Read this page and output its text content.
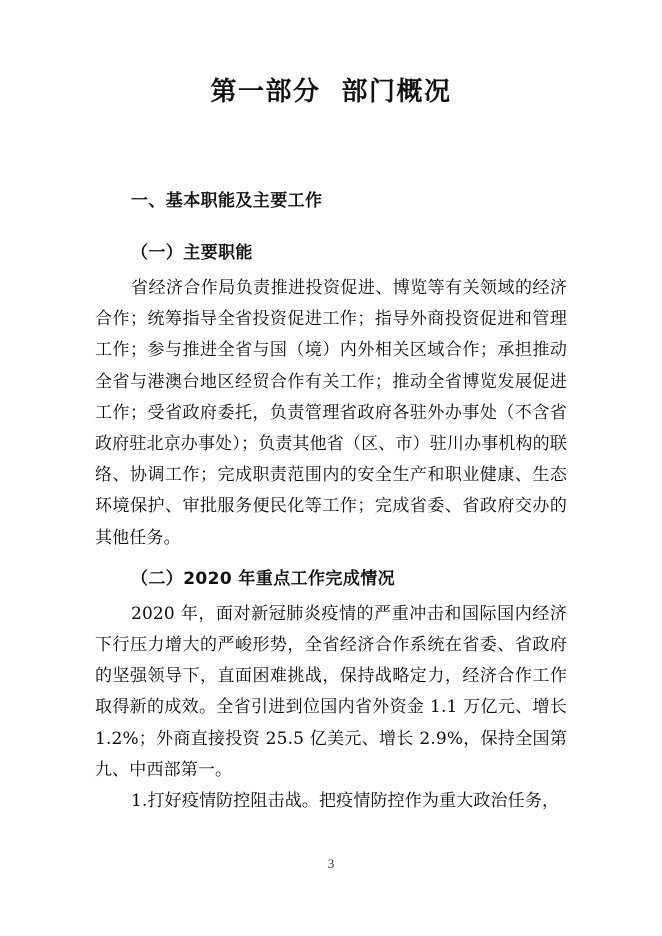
第一部分  部门概况
一、基本职能及主要工作
（一）主要职能

省经济合作局负责推进投资促进、博览等有关领域的经济合作；统筹指导全省投资促进工作；指导外商投资促进和管理工作；参与推进全省与国（境）内外相关区域合作；承担推动全省与港澳台地区经贸合作有关工作；推动全省博览发展促进工作；受省政府委托，负责管理省政府各驻外办事处（不含省政府驻北京办事处）；负责其他省（区、市）驻川办事机构的联络、协调工作；完成职责范围内的安全生产和职业健康、生态环境保护、审批服务便民化等工作；完成省委、省政府交办的其他任务。

（二）2020 年重点工作完成情况

2020 年，面对新冠肺炎疫情的严重冲击和国际国内经济下行压力增大的严峻形势，全省经济合作系统在省委、省政府的坚强领导下，直面困难挑战，保持战略定力，经济合作工作取得新的成效。全省引进到位国内省外资金 1.1 万亿元、增长 1.2%；外商直接投资 25.5 亿美元、增长 2.9%，保持全国第九、中西部第一。

1.打好疫情防控阻击战。把疫情防控作为重大政治任务，

3
